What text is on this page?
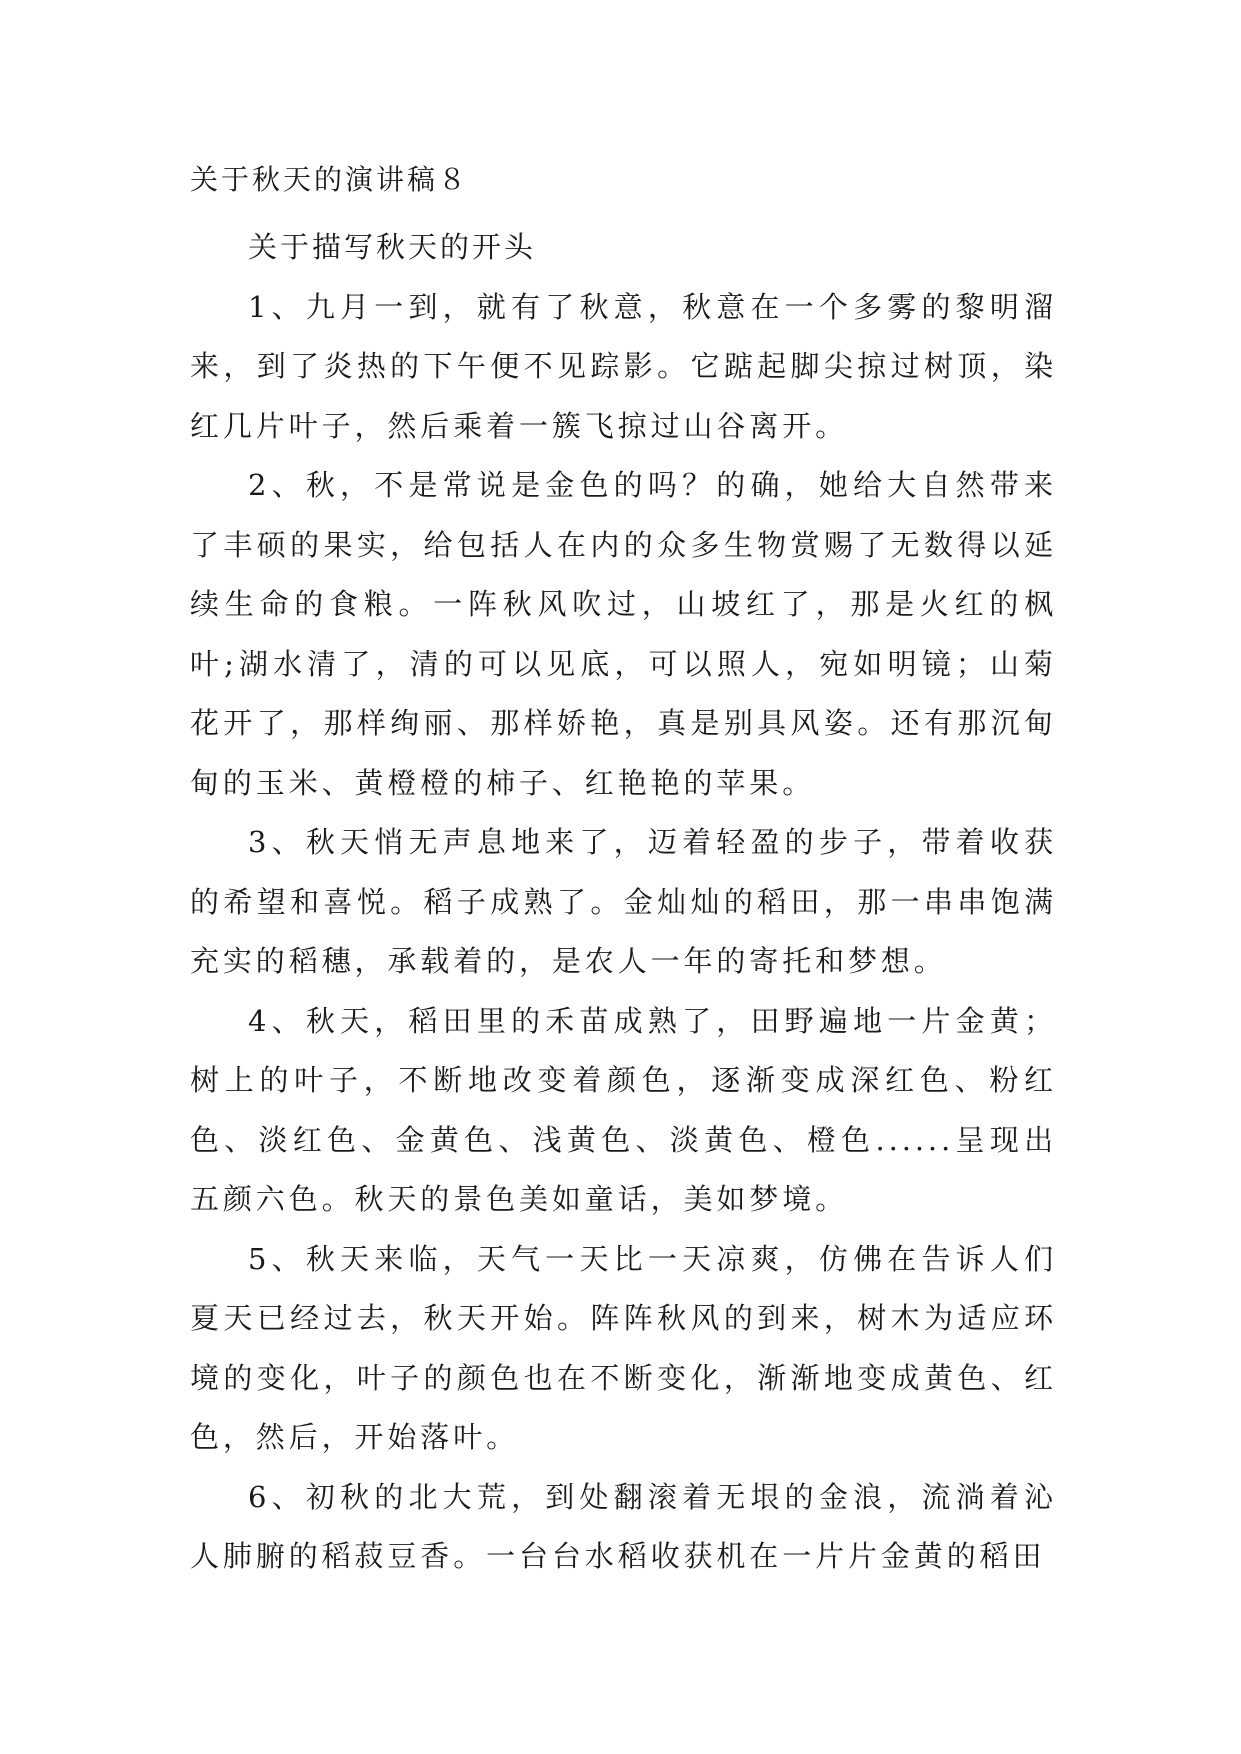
关于秋天的演讲稿８

关于描写秋天的开头

1、九月一到，就有了秋意，秋意在一个多雾的黎明溜来，到了炎热的下午便不见踪影。它踮起脚尖掠过树顶，染红几片叶子，然后乘着一簇飞掠过山谷离开。

2、秋，不是常说是金色的吗？的确，她给大自然带来了丰硕的果实，给包括人在内的众多生物赏赐了无数得以延续生命的食粮。一阵秋风吹过，山坡红了，那是火红的枫叶;湖水清了，清的可以见底，可以照人，宛如明镜；山菊花开了，那样绚丽、那样娇艳，真是别具风姿。还有那沉甸甸的玉米、黄橙橙的柿子、红艳艳的苹果。

3、秋天悄无声息地来了，迈着轻盈的步子，带着收获的希望和喜悦。稻子成熟了。金灿灿的稻田，那一串串饱满充实的稻穗，承载着的，是农人一年的寄托和梦想。

4、秋天，稻田里的禾苗成熟了，田野遍地一片金黄；树上的叶子，不断地改变着颜色，逐渐变成深红色、粉红色、淡红色、金黄色、浅黄色、淡黄色、橙色......呈现出五颜六色。秋天的景色美如童话，美如梦境。

5、秋天来临，天气一天比一天凉爽，仿佛在告诉人们夏天已经过去，秋天开始。阵阵秋风的到来，树木为适应环境的变化，叶子的颜色也在不断变化，渐渐地变成黄色、红色，然后，开始落叶。

6、初秋的北大荒，到处翻滚着无垠的金浪，流淌着沁人肺腑的稻菽豆香。一台台水稻收获机在一片片金黄的稻田
